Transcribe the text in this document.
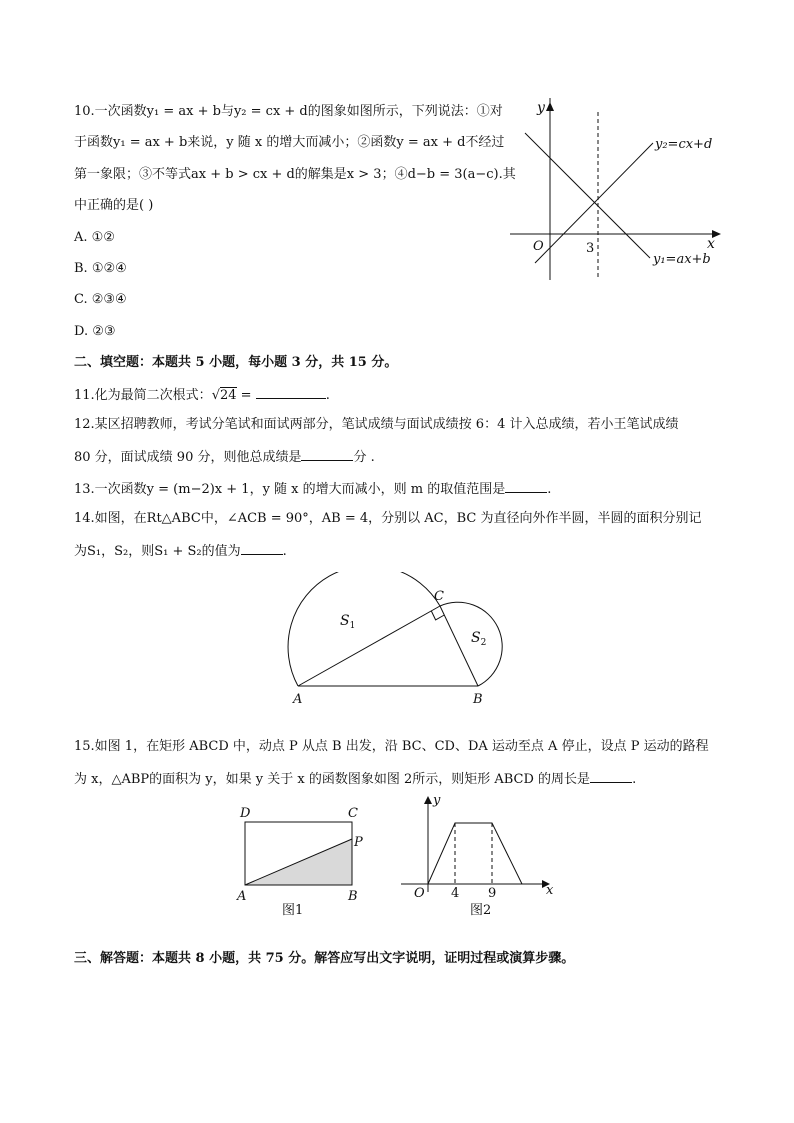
10.一次函数y₁ = ax + b与y₂ = cx + d的图象如图所示，下列说法：①对
于函数y₁ = ax + b来说，y 随 x 的增大而减小；②函数y = ax + d不经过
第一象限；③不等式ax + b > cx + d的解集是x > 3；④d−b = 3(a−c).其
中正确的是( )
A. ①②
B. ①②④
C. ②③④
D. ②③
y
x
O	3
y₂=cx+d
y₁=ax+b
二、填空题：本题共 5 小题，每小题 3 分，共 15 分。
11.化为最简二次根式：√24 =	.
12.某区招聘教师，考试分笔试和面试两部分，笔试成绩与面试成绩按 6：4 计入总成绩，若小王笔试成绩
80 分，面试成绩 90 分，则他总成绩是	分 .
13.一次函数y = (m−2)x + 1，y 随 x 的增大而减小，则 m 的取值范围是	.
14.如图，在Rt△ABC中，∠ACB = 90°，AB = 4，分别以 AC，BC 为直径向外作半圆，半圆的面积分别记
为S₁，S₂，则S₁ + S₂的值为	.
A	B
C
$S_1$
$S_2$
15.如图 1，在矩形 ABCD 中，动点 P 从点 B 出发，沿 BC、CD、DA 运动至点 A 停止，设点 P 运动的路程
为 x，△ABP的面积为 y，如果 y 关于 x 的函数图象如图 2所示，则矩形 ABCD 的周长是	.
D	C
P
A	B
图1
y
x
O 4 9
图2
三、解答题：本题共 8 小题，共 75 分。解答应写出文字说明，证明过程或演算步骤。
